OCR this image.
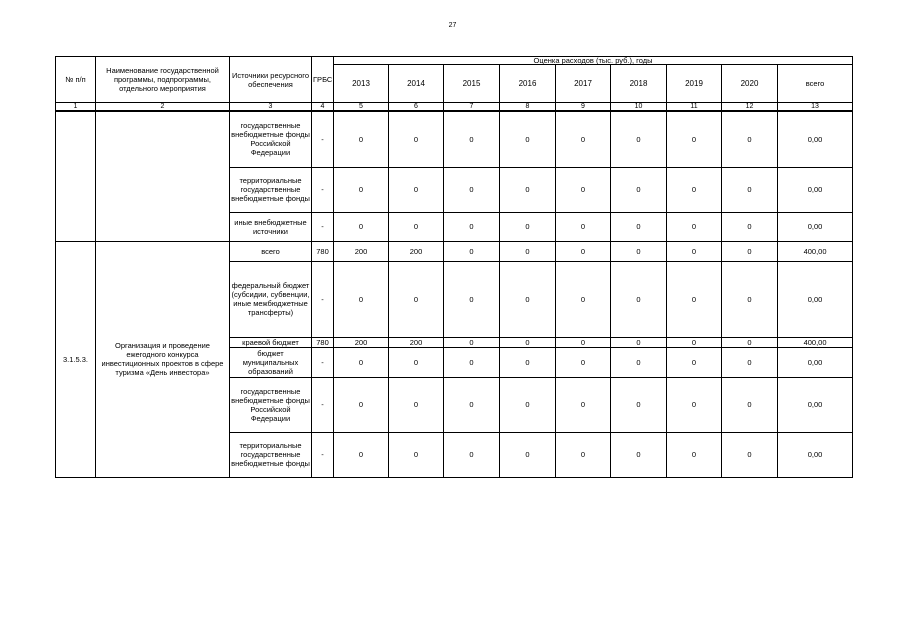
27
№ п/п	Наименование государственной программы, подпрограммы, отдельного мероприятия	Источники ресурсного обеспечения	ГРБС	Оценка расходов (тыс. руб.), годы								
				2013	2014	2015	2016	2017	2018	2019	2020	всего
1	2	3	4	5	6	7	8	9	10	11	12	13
		государственные внебюджетные фонды Российской Федерации	-	0	0	0	0	0	0	0	0	0,00
		территориальные государственные внебюджетные фонды	-	0	0	0	0	0	0	0	0	0,00
		иные внебюджетные источники	-	0	0	0	0	0	0	0	0	0,00
3.1.5.3.	Организация и проведение ежегодного конкурса инвестиционных проектов в сфере туризма «День инвестора»	всего	780	200	200	0	0	0	0	0	0	400,00
		федеральный бюджет (субсидии, субвенции, иные межбюджетные трансферты)	-	0	0	0	0	0	0	0	0	0,00
		краевой бюджет	780	200	200	0	0	0	0	0	0	400,00
		бюджет муниципальных образований	-	0	0	0	0	0	0	0	0	0,00
		государственные внебюджетные фонды Российской Федерации	-	0	0	0	0	0	0	0	0	0,00
		территориальные государственные внебюджетные фонды	-	0	0	0	0	0	0	0	0	0,00
